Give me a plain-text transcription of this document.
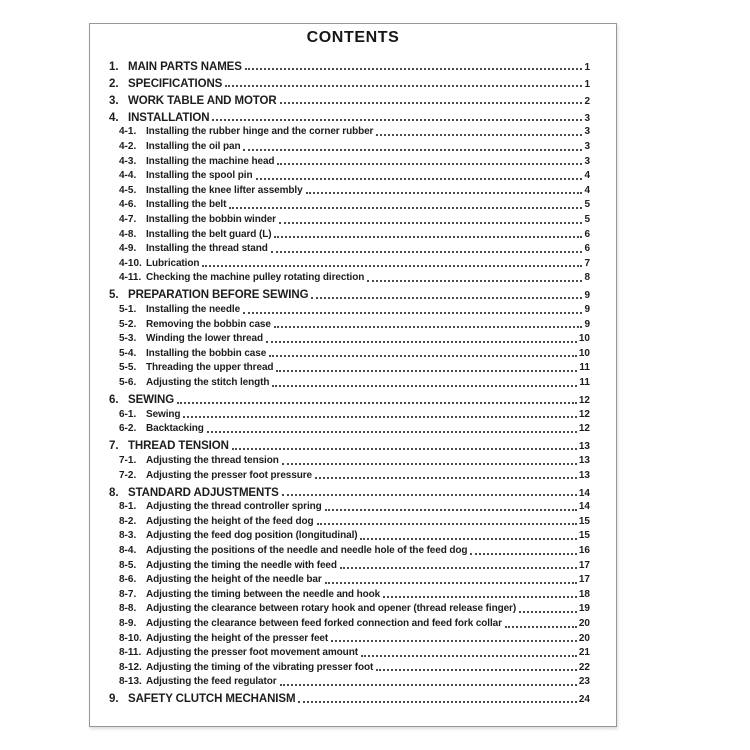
CONTENTS
1. MAIN PARTS NAMES	1
2. SPECIFICATIONS	1
3. WORK TABLE AND MOTOR	2
4. INSTALLATION	3
4-1. Installing the rubber hinge and the corner rubber	3
4-2. Installing the oil pan	3
4-3. Installing the machine head	3
4-4. Installing the spool pin	4
4-5. Installing the knee lifter assembly	4
4-6. Installing the belt	5
4-7. Installing the bobbin winder	5
4-8. Installing the belt guard (L)	6
4-9. Installing the thread stand	6
4-10. Lubrication	7
4-11. Checking the machine pulley rotating direction	8
5. PREPARATION BEFORE SEWING	9
5-1. Installing the needle	9
5-2. Removing the bobbin case	9
5-3. Winding the lower thread	10
5-4. Installing the bobbin case	10
5-5. Threading the upper thread	11
5-6. Adjusting the stitch length	11
6. SEWING	12
6-1. Sewing	12
6-2. Backtacking	12
7. THREAD TENSION	13
7-1. Adjusting the thread tension	13
7-2. Adjusting the presser foot pressure	13
8. STANDARD ADJUSTMENTS	14
8-1. Adjusting the thread controller spring	14
8-2. Adjusting the height of the feed dog	15
8-3. Adjusting the feed dog position (longitudinal)	15
8-4. Adjusting the positions of the needle and needle hole of the feed dog	16
8-5. Adjusting the timing the needle with feed	17
8-6. Adjusting the height of the needle bar	17
8-7. Adjusting the timing between the needle and hook	18
8-8. Adjusting the clearance between rotary hook and opener (thread release finger)	19
8-9. Adjusting the clearance between feed forked connection and feed fork collar	20
8-10. Adjusting the height of the presser feet	20
8-11. Adjusting the presser foot movement amount	21
8-12. Adjusting the timing of the vibrating presser foot	22
8-13. Adjusting the feed regulator	23
9. SAFETY CLUTCH MECHANISM	24
